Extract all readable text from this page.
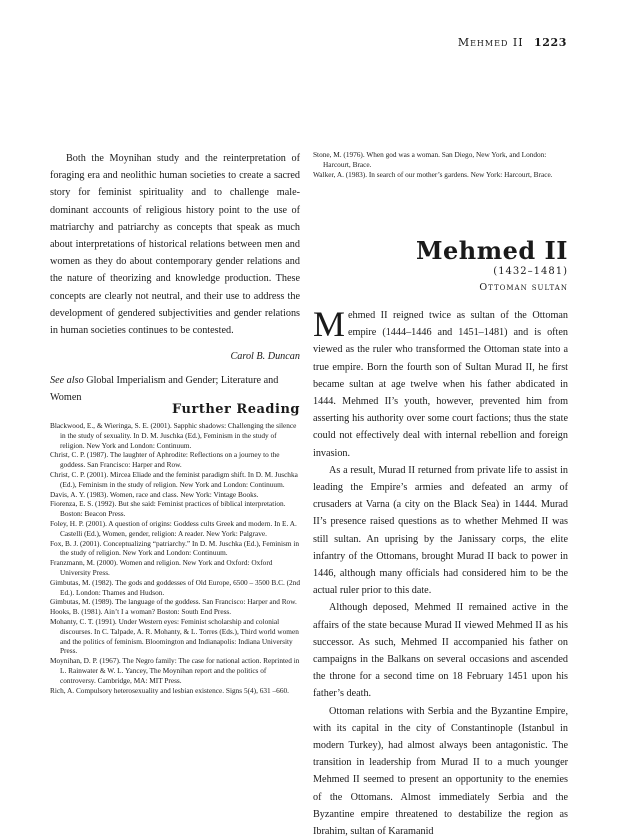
Mehmed II 1223

Both the Moynihan study and the reinterpretation of foraging era and neolithic human societies to create a sacred story for feminist spirituality and to challenge male-dominant accounts of religious history point to the use of matriarchy and patriarchy as concepts that speak as much about interpretations of historical relations between men and women as they do about contemporary gender relations and the nature of theorizing and knowledge production. These concepts are clearly not neutral, and their use to address the development of gendered subjectivities and gender relations in human societies continues to be contested.

Carol B. Duncan
See also Global Imperialism and Gender; Literature and Women
Further Reading
Blackwood, E., & Wieringa, S. E. (2001). Sapphic shadows: Challenging the silence in the study of sexuality. In D. M. Juschka (Ed.), Feminism in the study of religion. New York and London: Continuum.
Christ, C. P. (1987). The laughter of Aphrodite: Reflections on a journey to the goddess. San Francisco: Harper and Row.
Christ, C. P. (2001). Mircea Eliade and the feminist paradigm shift. In D. M. Juschka (Ed.), Feminism in the study of religion. New York and London: Continuum.
Davis, A. Y. (1983). Women, race and class. New York: Vintage Books.
Fiorenza, E. S. (1992). But she said: Feminist practices of biblical interpretation. Boston: Beacon Press.
Foley, H. P. (2001). A question of origins: Goddess cults Greek and modern. In E. A. Castelli (Ed.), Women, gender, religion: A reader. New York: Palgrave.
Fox, B. J. (2001). Conceptualizing “patriarchy.” In D. M. Juschka (Ed.), Feminism in the study of religion. New York and London: Continuum.
Franzmann, M. (2000). Women and religion. New York and Oxford: Oxford University Press.
Gimbutas, M. (1982). The gods and goddesses of Old Europe, 6500 – 3500 B.C. (2nd Ed.). London: Thames and Hudson.
Gimbutas, M. (1989). The language of the goddess. San Francisco: Harper and Row.
Hooks, B. (1981). Ain’t I a woman? Boston: South End Press.
Mohanty, C. T. (1991). Under Western eyes: Feminist scholarship and colonial discourses. In C. Talpade, A. R. Mohanty, & L. Torres (Eds.), Third world women and the politics of feminism. Bloomington and Indianapolis: Indiana University Press.
Moynihan, D. P. (1967). The Negro family: The case for national action. Reprinted in L. Rainwater & W. L. Yancey, The Moynihan report and the politics of controversy. Cambridge, MA: MIT Press.
Rich, A. Compulsory heterosexuality and lesbian existence. Signs 5(4), 631 –660.
Stone, M. (1976). When god was a woman. San Diego, New York, and London: Harcourt, Brace.
Walker, A. (1983). In search of our mother’s gardens. New York: Harcourt, Brace.
Mehmed II
(1432–1481)
Ottoman sultan

Mehmed II reigned twice as sultan of the Ottoman empire (1444–1446 and 1451–1481) and is often viewed as the ruler who transformed the Ottoman state into a true empire. Born the fourth son of Sultan Murad II, he first became sultan at age twelve when his father abdicated in 1444. Mehmed II’s youth, however, prevented him from asserting his authority over some court factions; thus the state could not effectively deal with internal rebellion and foreign invasion.

As a result, Murad II returned from private life to assist in leading the Empire’s armies and defeated an army of crusaders at Varna (a city on the Black Sea) in 1444. Murad II’s presence raised questions as to whether Mehmed II was still sultan. An uprising by the Janissary corps, the elite infantry of the Ottomans, brought Murad II back to power in 1446, although many officials had considered him to be the actual ruler prior to this date.

Although deposed, Mehmed II remained active in the affairs of the state because Murad II viewed Mehmed II as his successor. As such, Mehmed II accompanied his father on campaigns in the Balkans on several occasions and ascended the throne for a second time on 18 February 1451 upon his father’s death.

Ottoman relations with Serbia and the Byzantine Empire, with its capital in the city of Constantinople (Istanbul in modern Turkey), had almost always been antagonistic. The transition in leadership from Murad II to a much younger Mehmed II seemed to present an opportunity to the enemies of the Ottomans. Almost immediately Serbia and the Byzantine empire threatened to destabilize the region as Ibrahim, sultan of Karamanid
